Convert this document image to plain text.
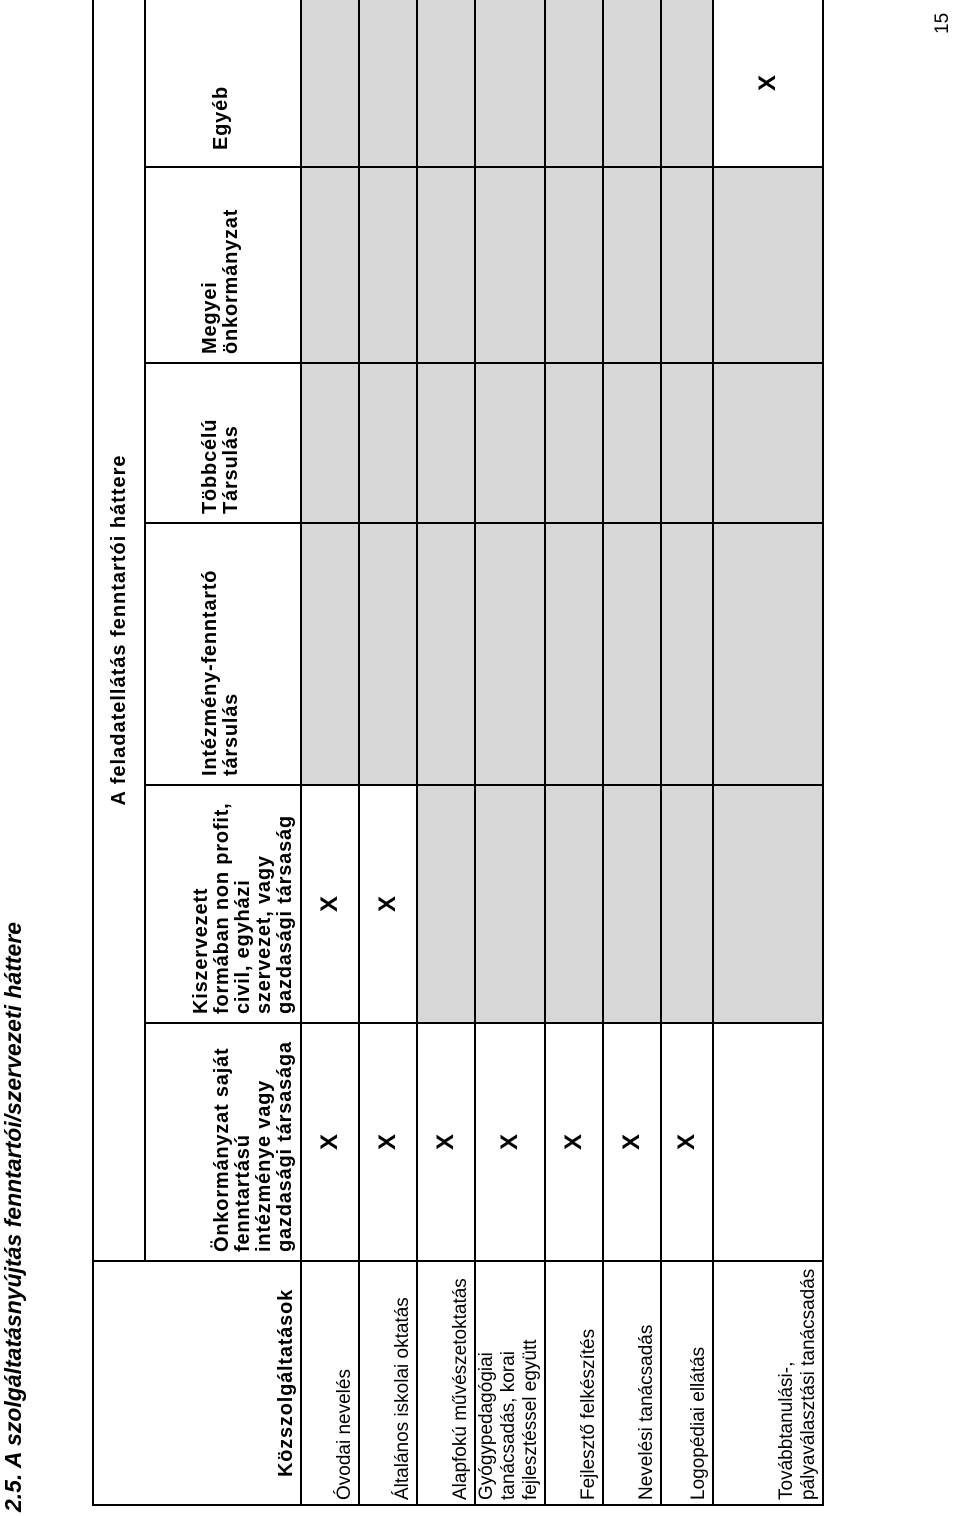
2.5. A szolgáltatásnyújtás fenntartói/szervezeti háttere	Közszolgáltatások	A feladatellátás fenntartói háttere					
	Önkormányzat saját fenntartású intézménye vagy gazdasági társasága	Kiszervezett formában non profit, civil, egyházi szervezet, vagy gazdasági társaság	Intézmény-fenntartó társulás	Többcélú Társulás	Megyei önkormányzat	Egyéb
Óvodai nevelés	X	X				
Általános iskolai oktatás	X	X				
Alapfokú művészetoktatás	X					
Gyógypedagógiai tanácsadás, korai fejlesztéssel együtt	X					
Fejlesztő felkészítés	X					
Nevelési tanácsadás	X					
Logopédiai ellátás	X					
Továbbtanulási-, pályaválasztási tanácsadás						X
15
